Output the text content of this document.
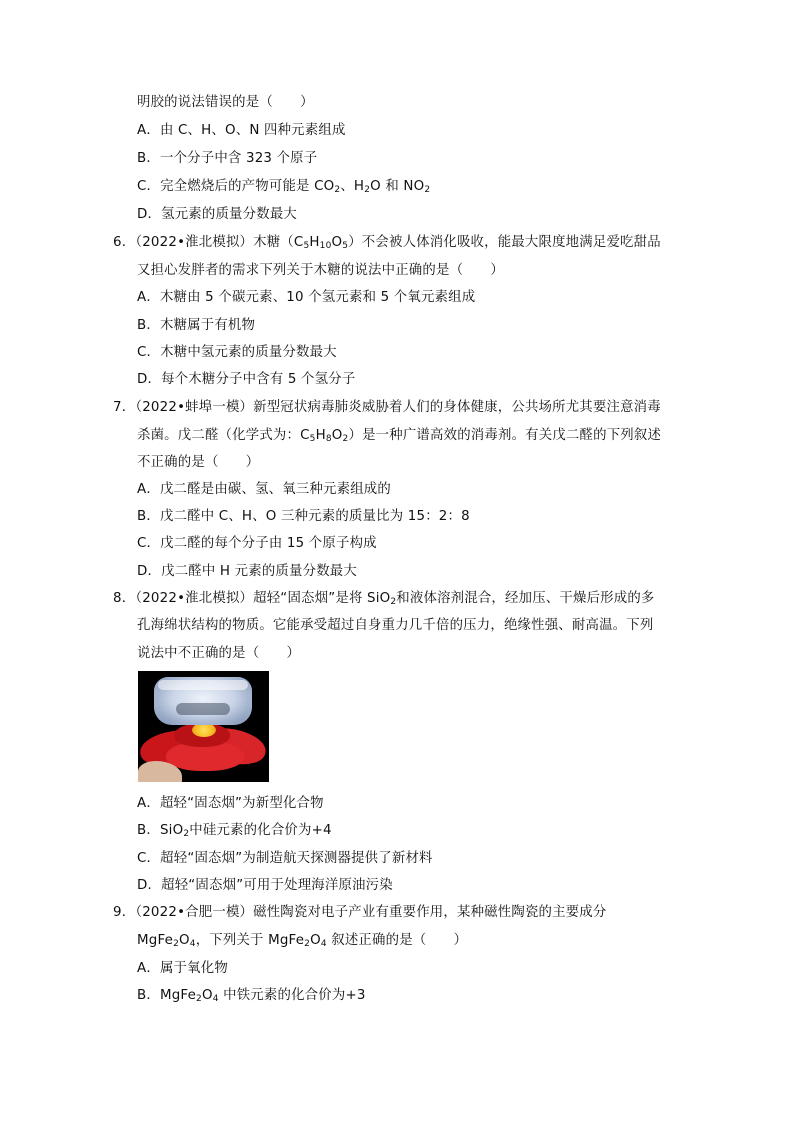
明胶的说法错误的是（　　）
A．由 C、H、O、N 四种元素组成
B．一个分子中含 323 个原子
C．完全燃烧后的产物可能是 $CO_2$、$H_2O$ 和 $NO_2$
D．氢元素的质量分数最大
6．（2022•淮北模拟）木糖$(C_5H_{10}O_5)$不会被人体消化吸收，能最大限度地满足爱吃甜品
又担心发胖者的需求下列关于木糖的说法中正确的是（　　）
A．木糖由 5 个碳元素、10 个氢元素和 5 个氧元素组成
B．木糖属于有机物
C．木糖中氢元素的质量分数最大
D．每个木糖分子中含有 5 个氢分子
7．（2022•蚌埠一模）新型冠状病毒肺炎威胁着人们的身体健康，公共场所尤其要注意消毒
杀菌。戊二醛（化学式为：$C_5H_8O_2$）是一种广谱高效的消毒剂。有关戊二醛的下列叙述
不正确的是（　　）
A．戊二醛是由碳、氢、氧三种元素组成的
B．戊二醛中 C、H、O 三种元素的质量比为 15：2：8
C．戊二醛的每个分子由 15 个原子构成
D．戊二醛中 H 元素的质量分数最大
8．（2022•淮北模拟）超轻“固态烟”是将 SiO$_2$和液体溶剂混合，经加压、干燥后形成的多
孔海绵状结构的物质。它能承受超过自身重力几千倍的压力，绝缘性强、耐高温。下列
说法中不正确的是（　　）
A．超轻“固态烟”为新型化合物
B．SiO$_2$中硅元素的化合价为+4
C．超轻“固态烟”为制造航天探测器提供了新材料
D．超轻“固态烟”可用于处理海洋原油污染
9．（2022•合肥一模）磁性陶瓷对电子产业有重要作用，某种磁性陶瓷的主要成分
$MgFe_2O_4$，下列关于 $MgFe_2O_4$ 叙述正确的是（　　）
A．属于氧化物
B．$MgFe_2O_4$ 中铁元素的化合价为+3
